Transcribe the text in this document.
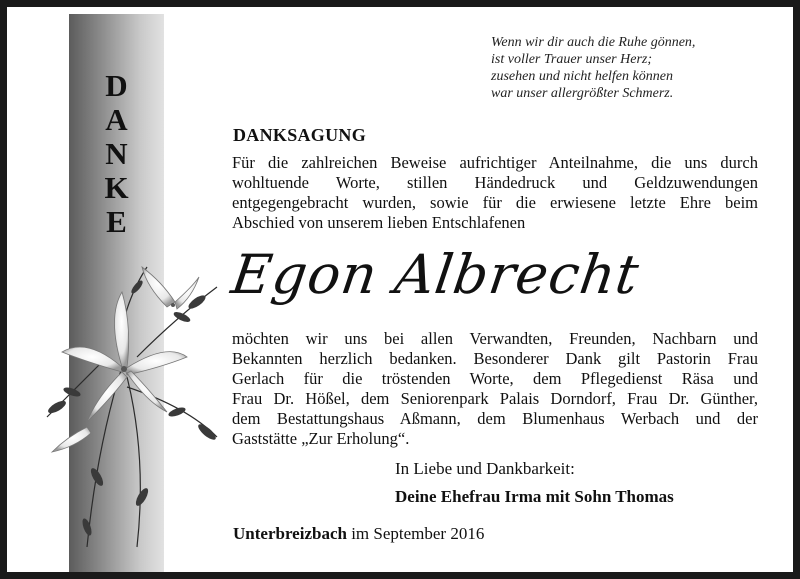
D
A
N
K
E
Wenn wir dir auch die Ruhe gönnen,
ist voller Trauer unser Herz;
zusehen und nicht helfen können
war unser allergrößter Schmerz.
DANKSAGUNG
Für die zahlreichen Beweise aufrichtiger Anteilnahme, die uns durch
wohltuende Worte, stillen Händedruck und Geldzuwendungen
entgegengebracht wurden, sowie für die erwiesene letzte Ehre beim
Abschied von unserem lieben Entschlafenen
Egon Albrecht
möchten wir uns bei allen Verwandten, Freunden, Nachbarn und
Bekannten herzlich bedanken. Besonderer Dank gilt Pastorin Frau
Gerlach für die tröstenden Worte, dem Pflegedienst Räsa und
Frau Dr. Hößel, dem Seniorenpark Palais Dorndorf, Frau Dr. Günther,
dem Bestattungshaus Aßmann, dem Blumenhaus Werbach und der
Gaststätte „Zur Erholung“.
In Liebe und Dankbarkeit:
Deine Ehefrau Irma mit Sohn Thomas
Unterbreizbach im September 2016
